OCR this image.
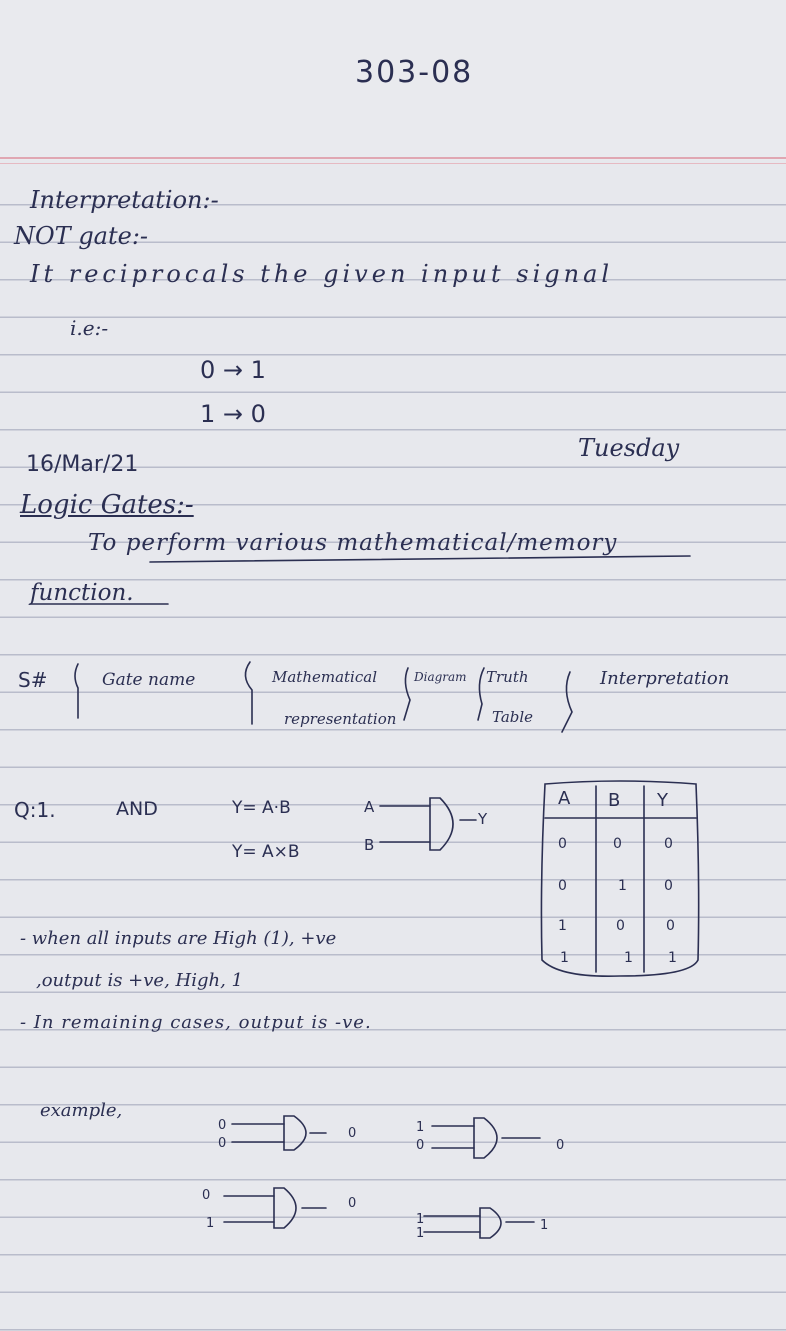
303-08
Interpretation:-
NOT gate:-
It reciprocals the given input signal
i.e:-
0 → 1
1 → 0
16/Mar/21
Tuesday
Logic Gates:-
To perform various mathematical/memory
function.
S#	Gate name	Mathematical
representation
Diagram Truth
Table
Interpretation
Q:1.	AND	Y= A·B
Y= A×B
A
B
Y
A B Y
0	0	0
0	1	0
1	0	0
1	1	1
- when all inputs are High (1), +ve
,output is +ve, High, 1
- In remaining cases, output is -ve.
example,
0
0
0	1
0	0
0
1
0
1
1
1
